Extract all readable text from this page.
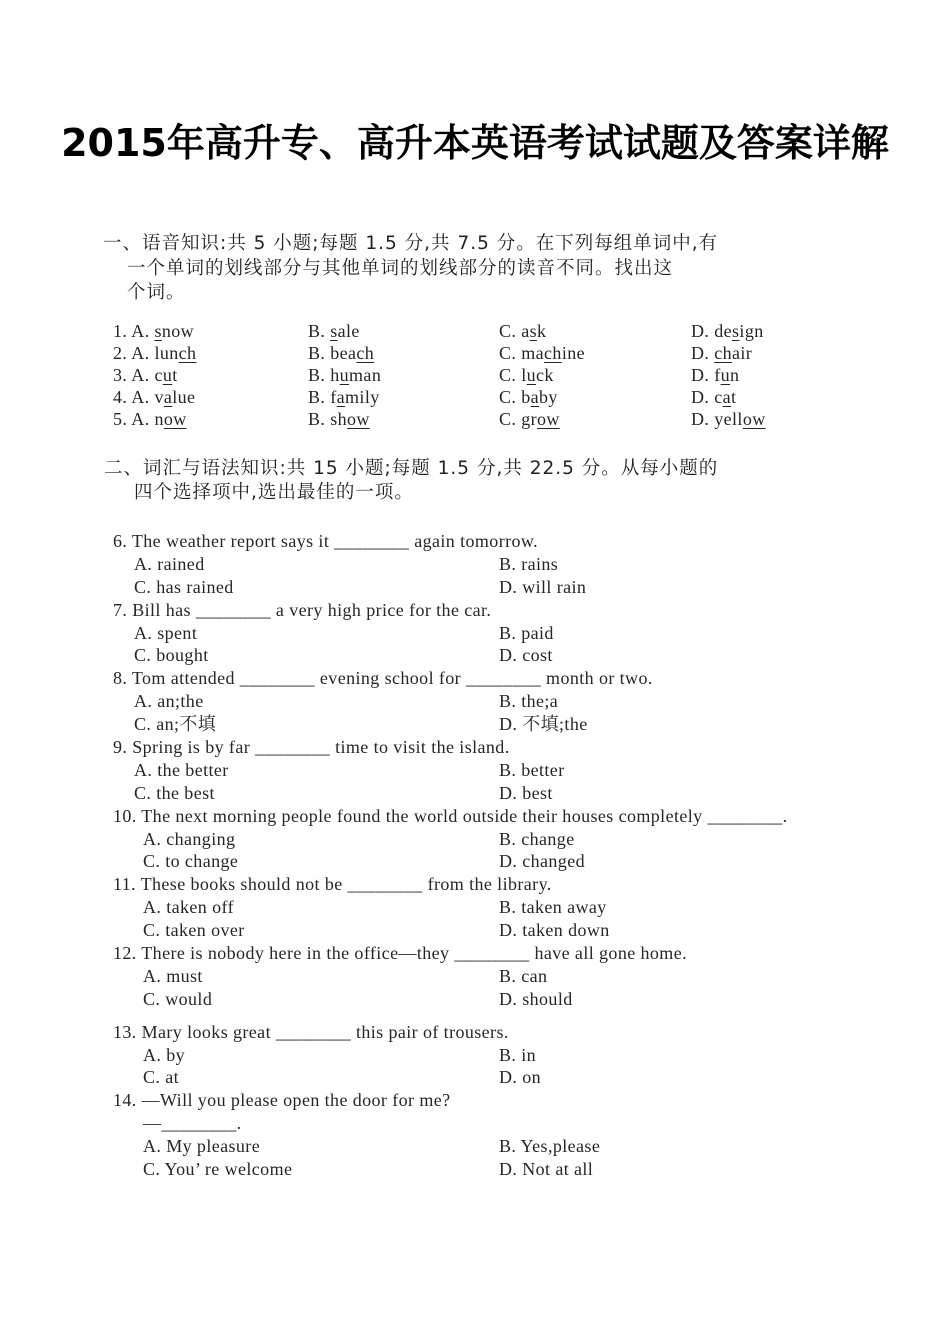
2015年高升专、高升本英语考试试题及答案详解
一、语音知识:共 5 小题;每题 1.5 分,共 7.5 分。在下列每组单词中,有
一个单词的划线部分与其他单词的划线部分的读音不同。找出这
个词。
1. A. snow	B. sale	C. ask	D. design
2. A. lunch	B. beach	C. machine	D. chair
3. A. cut	B. human	C. luck	D. fun
4. A. value	B. family	C. baby	D. cat
5. A. now	B. show	C. grow	D. yellow
二、词汇与语法知识:共 15 小题;每题 1.5 分,共 22.5 分。从每小题的
四个选择项中,选出最佳的一项。
6. The weather report says it ________ again tomorrow.
A. rained	B. rains
C. has rained	D. will rain
7. Bill has ________ a very high price for the car.
A. spent	B. paid
C. bought	D. cost
8. Tom attended ________ evening school for ________ month or two.
A. an;the	B. the;a
C. an;不填	D. 不填;the
9. Spring is by far ________ time to visit the island.
A. the better	B. better
C. the best	D. best
10. The next morning people found the world outside their houses completely ________.
A. changing	B. change
C. to change	D. changed
11. These books should not be ________ from the library.
A. taken off	B. taken away
C. taken over	D. taken down
12. There is nobody here in the office—they ________ have all gone home.
A. must	B. can
C. would	D. should
13. Mary looks great ________ this pair of trousers.
A. by	B. in
C. at	D. on
14. —Will you please open the door for me?
—________.
A. My pleasure	B. Yes,please
C. You’ re welcome	D. Not at all
